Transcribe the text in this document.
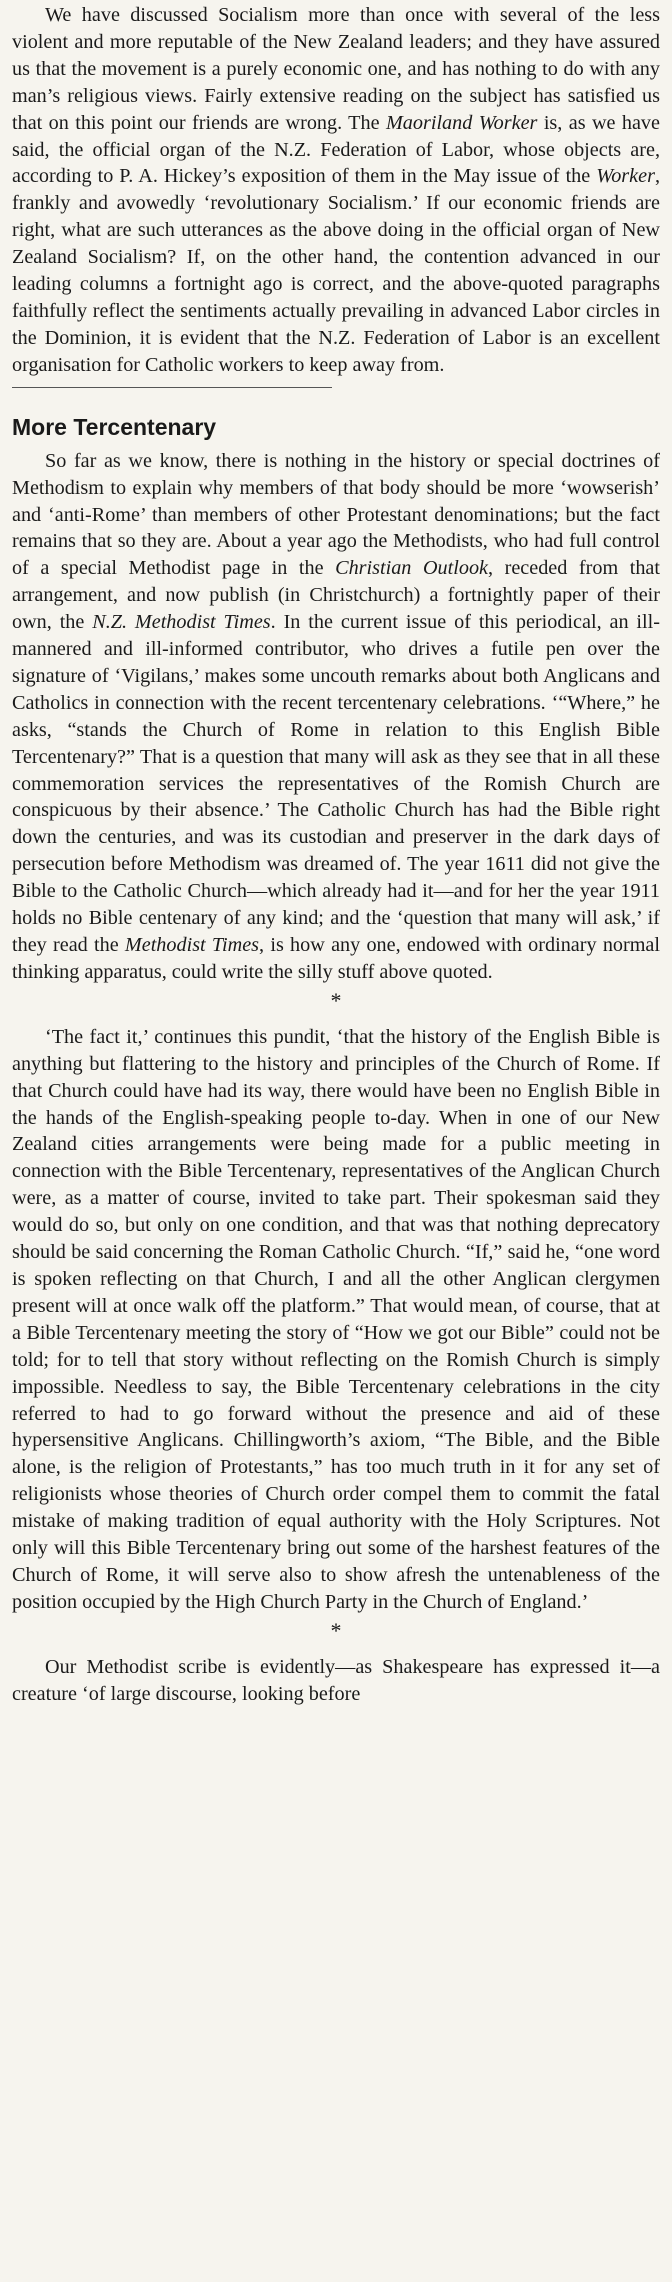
We have discussed Socialism more than once with several of the less violent and more reputable of the New Zealand leaders; and they have assured us that the movement is a purely economic one, and has nothing to do with any man’s religious views. Fairly extensive reading on the subject has satisfied us that on this point our friends are wrong. The Maoriland Worker is, as we have said, the official organ of the N.Z. Federation of Labor, whose objects are, according to P. A. Hickey’s exposition of them in the May issue of the Worker, frankly and avowedly ‘revolutionary Socialism.’ If our economic friends are right, what are such utterances as the above doing in the official organ of New Zealand Socialism? If, on the other hand, the contention advanced in our leading columns a fortnight ago is correct, and the above-quoted paragraphs faithfully reflect the sentiments actually prevailing in advanced Labor circles in the Dominion, it is evident that the N.Z. Federation of Labor is an excellent organisation for Catholic workers to keep away from.

More Tercentenary

So far as we know, there is nothing in the history or special doctrines of Methodism to explain why members of that body should be more ‘wowserish’ and ‘anti-Rome’ than members of other Protestant denominations; but the fact remains that so they are. About a year ago the Methodists, who had full control of a special Methodist page in the Christian Outlook, receded from that arrangement, and now publish (in Christchurch) a fortnightly paper of their own, the N.Z. Methodist Times. In the current issue of this periodical, an ill-mannered and ill-informed contributor, who drives a futile pen over the signature of ‘Vigilans,’ makes some uncouth remarks about both Anglicans and Catholics in connection with the recent tercentenary celebrations. ‘“Where,” he asks, “stands the Church of Rome in relation to this English Bible Tercentenary?” That is a question that many will ask as they see that in all these commemoration services the representatives of the Romish Church are conspicuous by their absence.’ The Catholic Church has had the Bible right down the centuries, and was its custodian and preserver in the dark days of persecution before Methodism was dreamed of. The year 1611 did not give the Bible to the Catholic Church—which already had it—and for her the year 1911 holds no Bible centenary of any kind; and the ‘question that many will ask,’ if they read the Methodist Times, is how any one, endowed with ordinary normal thinking apparatus, could write the silly stuff above quoted.

*

‘The fact it,’ continues this pundit, ‘that the history of the English Bible is anything but flattering to the history and principles of the Church of Rome. If that Church could have had its way, there would have been no English Bible in the hands of the English-speaking people to-day. When in one of our New Zealand cities arrangements were being made for a public meeting in connection with the Bible Tercentenary, representatives of the Anglican Church were, as a matter of course, invited to take part. Their spokesman said they would do so, but only on one condition, and that was that nothing deprecatory should be said concerning the Roman Catholic Church. “If,” said he, “one word is spoken reflecting on that Church, I and all the other Anglican clergymen present will at once walk off the platform.” That would mean, of course, that at a Bible Tercentenary meeting the story of “How we got our Bible” could not be told; for to tell that story without reflecting on the Romish Church is simply impossible. Needless to say, the Bible Tercentenary celebrations in the city referred to had to go forward without the presence and aid of these hypersensitive Anglicans. Chillingworth’s axiom, “The Bible, and the Bible alone, is the religion of Protestants,” has too much truth in it for any set of religionists whose theories of Church order compel them to commit the fatal mistake of making tradition of equal authority with the Holy Scriptures. Not only will this Bible Tercentenary bring out some of the harshest features of the Church of Rome, it will serve also to show afresh the untenableness of the position occupied by the High Church Party in the Church of England.’

*

Our Methodist scribe is evidently—as Shakespeare has expressed it—a creature ‘of large discourse, looking before
